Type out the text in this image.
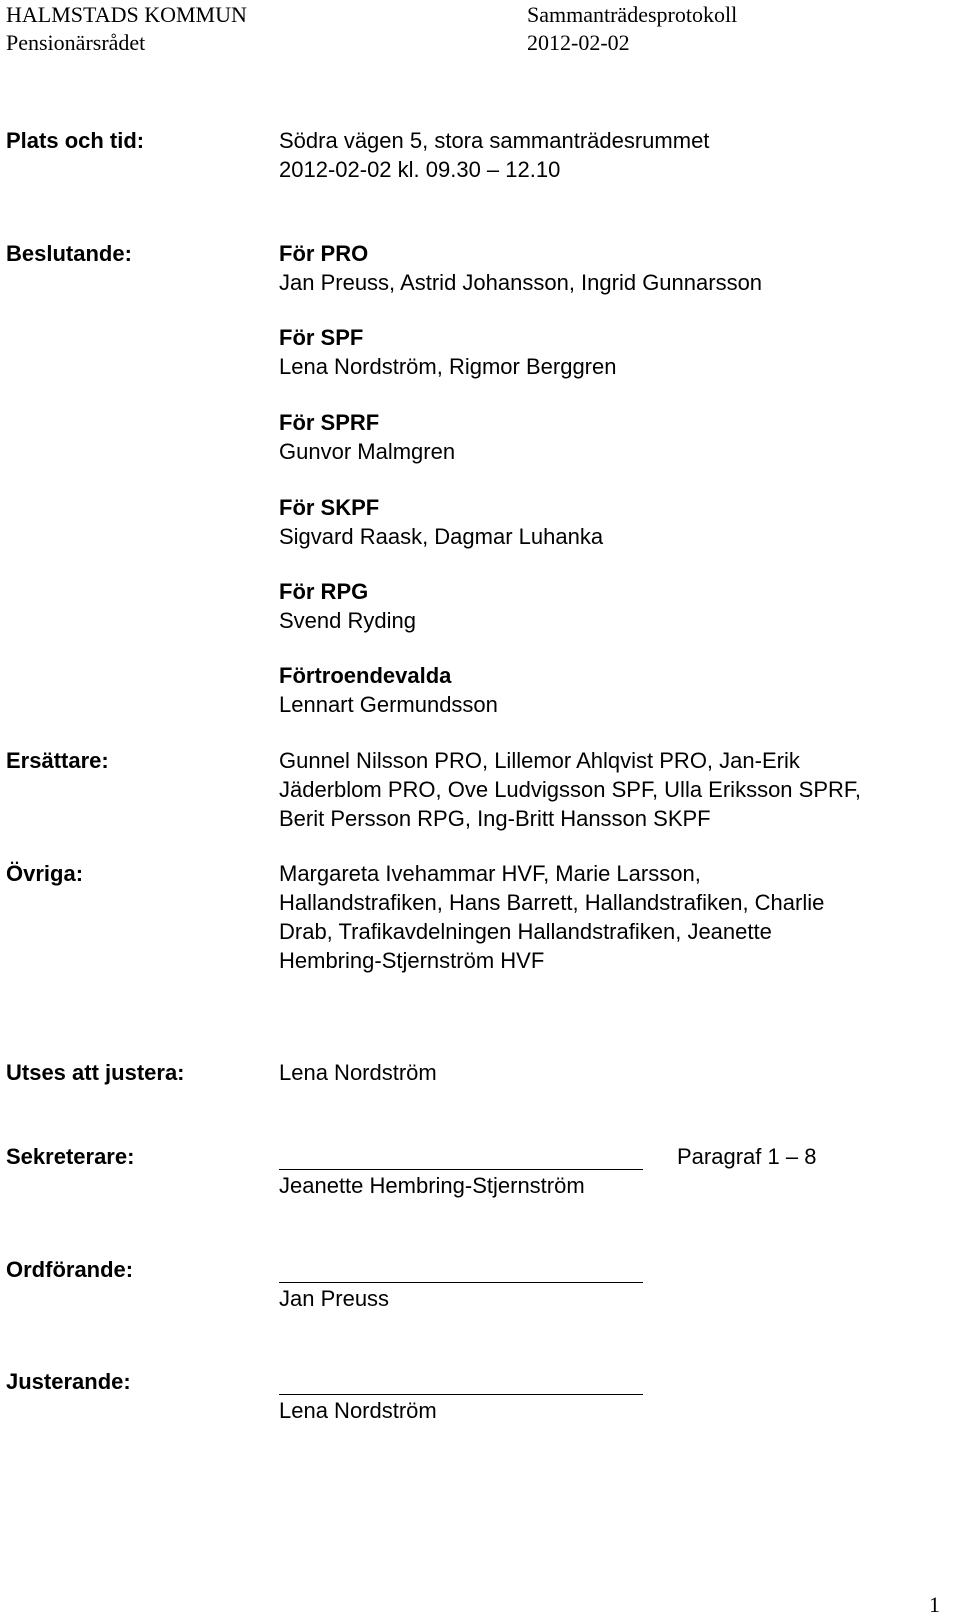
HALMSTADS KOMMUN	Sammanträdesprotokoll
Pensionärsrådet	2012-02-02
Plats och tid:	Södra vägen 5, stora sammanträdesrummet
2012-02-02 kl. 09.30 – 12.10
Beslutande:	För PRO
Jan Preuss, Astrid Johansson, Ingrid Gunnarsson
För SPF
Lena Nordström, Rigmor Berggren
För SPRF
Gunvor Malmgren
För SKPF
Sigvard Raask, Dagmar Luhanka
För RPG
Svend Ryding
Förtroendevalda
Lennart Germundsson
Ersättare:	Gunnel Nilsson PRO, Lillemor Ahlqvist PRO, Jan-Erik
Jäderblom PRO, Ove Ludvigsson SPF, Ulla Eriksson SPRF,
Berit Persson RPG, Ing-Britt Hansson SKPF
Övriga:	Margareta Ivehammar HVF, Marie Larsson,
Hallandstrafiken, Hans Barrett, Hallandstrafiken, Charlie
Drab, Trafikavdelningen Hallandstrafiken, Jeanette
Hembring-Stjernström HVF
Utses att justera:	Lena Nordström
Sekreterare:	Paragraf 1 – 8
Jeanette Hembring-Stjernström
Ordförande:
Jan Preuss
Justerande:
Lena Nordström
1
